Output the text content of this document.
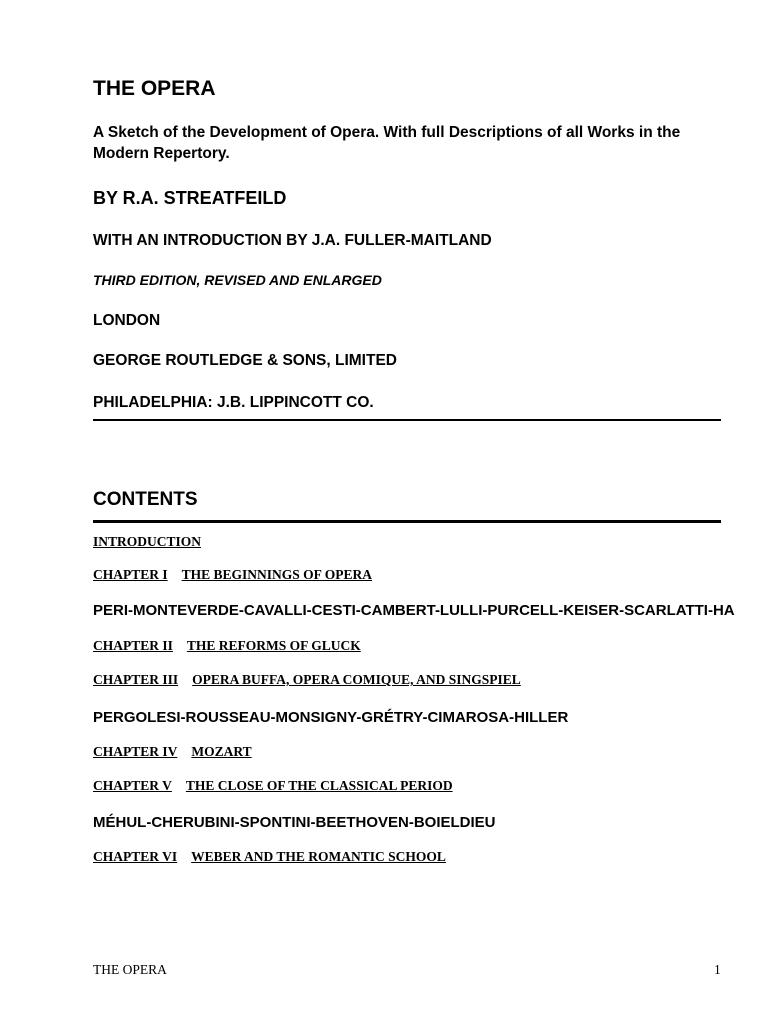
THE OPERA

A Sketch of the Development of Opera. With full Descriptions of all Works in the Modern Repertory.

BY R.A. STREATFEILD

WITH AN INTRODUCTION BY J.A. FULLER-MAITLAND

THIRD EDITION, REVISED AND ENLARGED

LONDON

GEORGE ROUTLEDGE & SONS, LIMITED

PHILADELPHIA: J.B. LIPPINCOTT CO.

CONTENTS
INTRODUCTION
CHAPTER I THE BEGINNINGS OF OPERA

PERI-MONTEVERDE-CAVALLI-CESTI-CAMBERT-LULLI-PURCELL-KEISER-SCARLATTI-HA

CHAPTER II THE REFORMS OF GLUCK
CHAPTER III OPERA BUFFA, OPERA COMIQUE, AND SINGSPIEL

PERGOLESI-ROUSSEAU-MONSIGNY-GRÉTRY-CIMAROSA-HILLER

CHAPTER IV MOZART
CHAPTER V THE CLOSE OF THE CLASSICAL PERIOD

MÉHUL-CHERUBINI-SPONTINI-BEETHOVEN-BOIELDIEU

CHAPTER VI WEBER AND THE ROMANTIC SCHOOL
THE OPERA	1
